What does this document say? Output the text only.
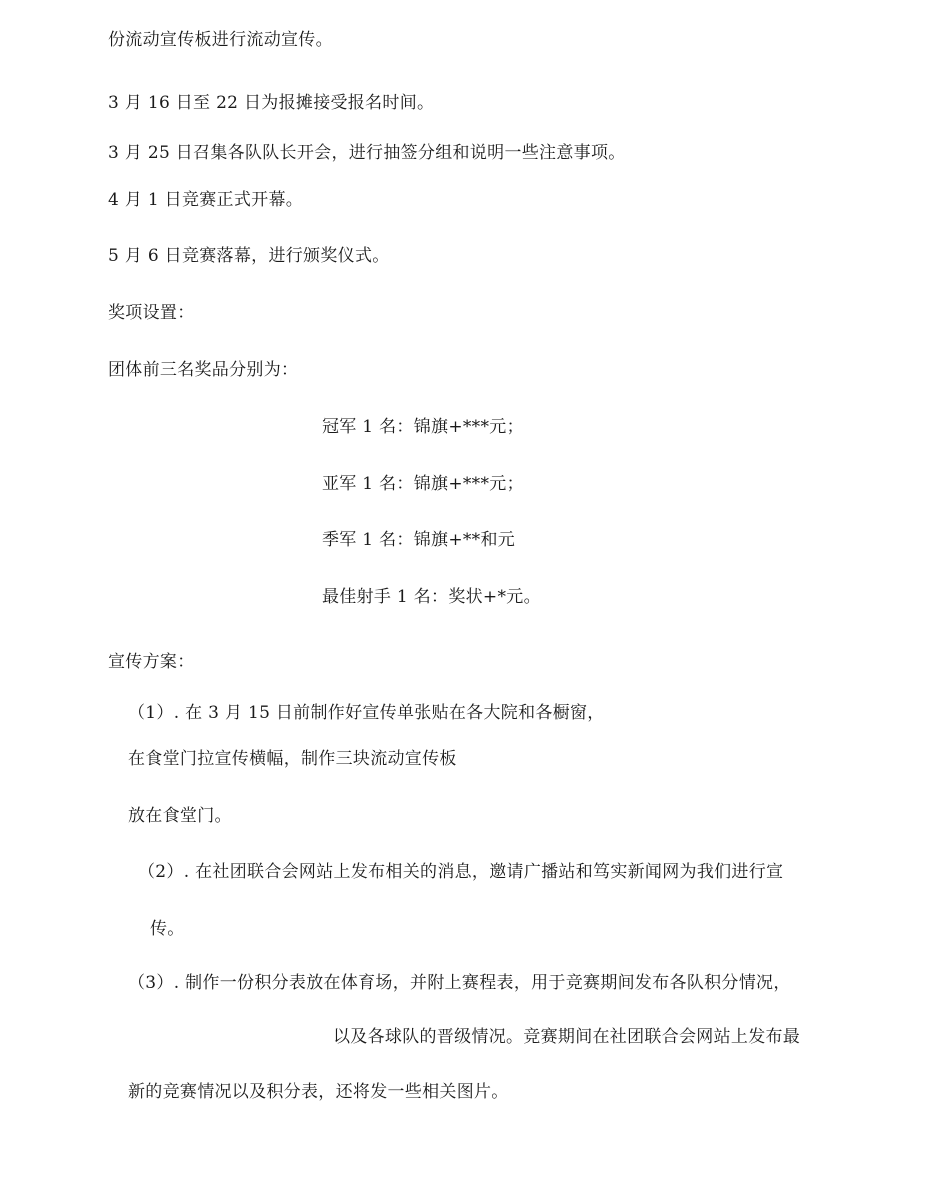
份流动宣传板进行流动宣传。
3 月 16 日至 22 日为报摊接受报名时间。
3 月 25 日召集各队队长开会，进行抽签分组和说明一些注意事项。
4 月 1 日竞赛正式开幕。
5 月 6 日竞赛落幕，进行颁奖仪式。
奖项设置：
团体前三名奖品分别为：
冠军 1 名：锦旗+***元；
亚军 1 名：锦旗+***元；
季军 1 名：锦旗+**和元
最佳射手 1 名：奖状+*元。
宣传方案：
（1）. 在 3 月 15 日前制作好宣传单张贴在各大院和各橱窗，
在食堂门拉宣传横幅，制作三块流动宣传板
放在食堂门。
（2）. 在社团联合会网站上发布相关的消息，邀请广播站和笃实新闻网为我们进行宣
传。
（3）. 制作一份积分表放在体育场，并附上赛程表，用于竞赛期间发布各队积分情况，
以及各球队的晋级情况。竞赛期间在社团联合会网站上发布最
新的竞赛情况以及积分表，还将发一些相关图片。
